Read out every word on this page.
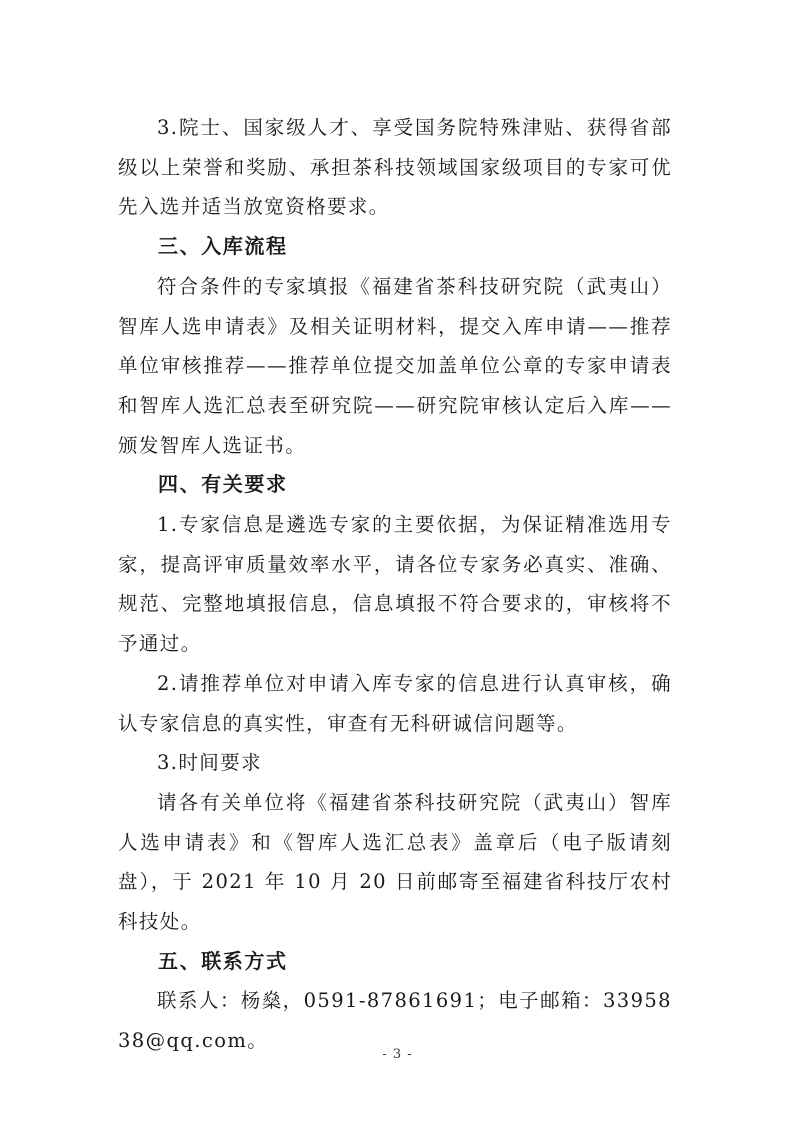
3.院士、国家级人才、享受国务院特殊津贴、获得省部级以上荣誉和奖励、承担茶科技领域国家级项目的专家可优先入选并适当放宽资格要求。

三、入库流程

符合条件的专家填报《福建省茶科技研究院（武夷山）智库人选申请表》及相关证明材料，提交入库申请——推荐单位审核推荐——推荐单位提交加盖单位公章的专家申请表和智库人选汇总表至研究院——研究院审核认定后入库——颁发智库人选证书。

四、有关要求

1.专家信息是遴选专家的主要依据，为保证精准选用专家，提高评审质量效率水平，请各位专家务必真实、准确、规范、完整地填报信息，信息填报不符合要求的，审核将不予通过。

2.请推荐单位对申请入库专家的信息进行认真审核，确认专家信息的真实性，审查有无科研诚信问题等。

3.时间要求

请各有关单位将《福建省茶科技研究院（武夷山）智库人选申请表》和《智库人选汇总表》盖章后（电子版请刻盘），于 2021 年 10 月 20 日前邮寄至福建省科技厅农村科技处。

五、联系方式

联系人：杨燊，0591-87861691；电子邮箱：3395838@qq.com。

- 3 -
